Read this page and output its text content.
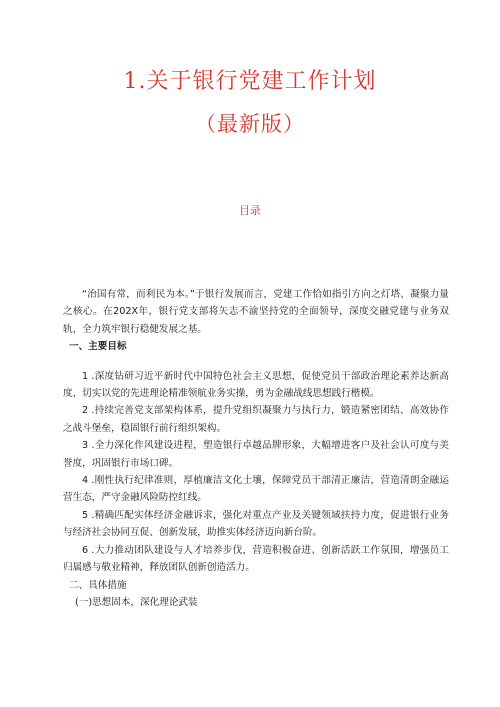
1.关于银行党建工作计划
（最新版）
目录

“治国有常，而利民为本。”于银行发展而言，党建工作恰如指引方向之灯塔、凝聚力量之核心。在202X年，银行党支部将矢志不渝坚持党的全面领导，深度交融党建与业务双轨，全力筑牢银行稳健发展之基。

一、主要目标

1 .深度钻研习近平新时代中国特色社会主义思想，促使党员干部政治理论素养达新高度，切实以党的先进理论精准领航业务实操，勇为金融战线思想践行楷模。

2 .持续完善党支部架构体系，提升党组织凝聚力与执行力，锻造紧密团结、高效协作之战斗堡垒，稳固银行前行组织架构。

3 .全力深化作风建设进程，塑造银行卓越品牌形象，大幅增进客户及社会认可度与美誉度，巩固银行市场口碑。

4 .刚性执行纪律准则，厚植廉洁文化土壤，保障党员干部清正廉洁，营造清朗金融运营生态，严守金融风险防控红线。

5 .精确匹配实体经济金融诉求，强化对重点产业及关键领域扶持力度，促进银行业务与经济社会协同互促、创新发展，助推实体经济迈向新台阶。

6 .大力推动团队建设与人才培养步伐，营造积极奋进、创新活跃工作氛围，增强员工归属感与敬业精神，释放团队创新创造活力。

二、具体措施

(一)思想固本，深化理论武装
